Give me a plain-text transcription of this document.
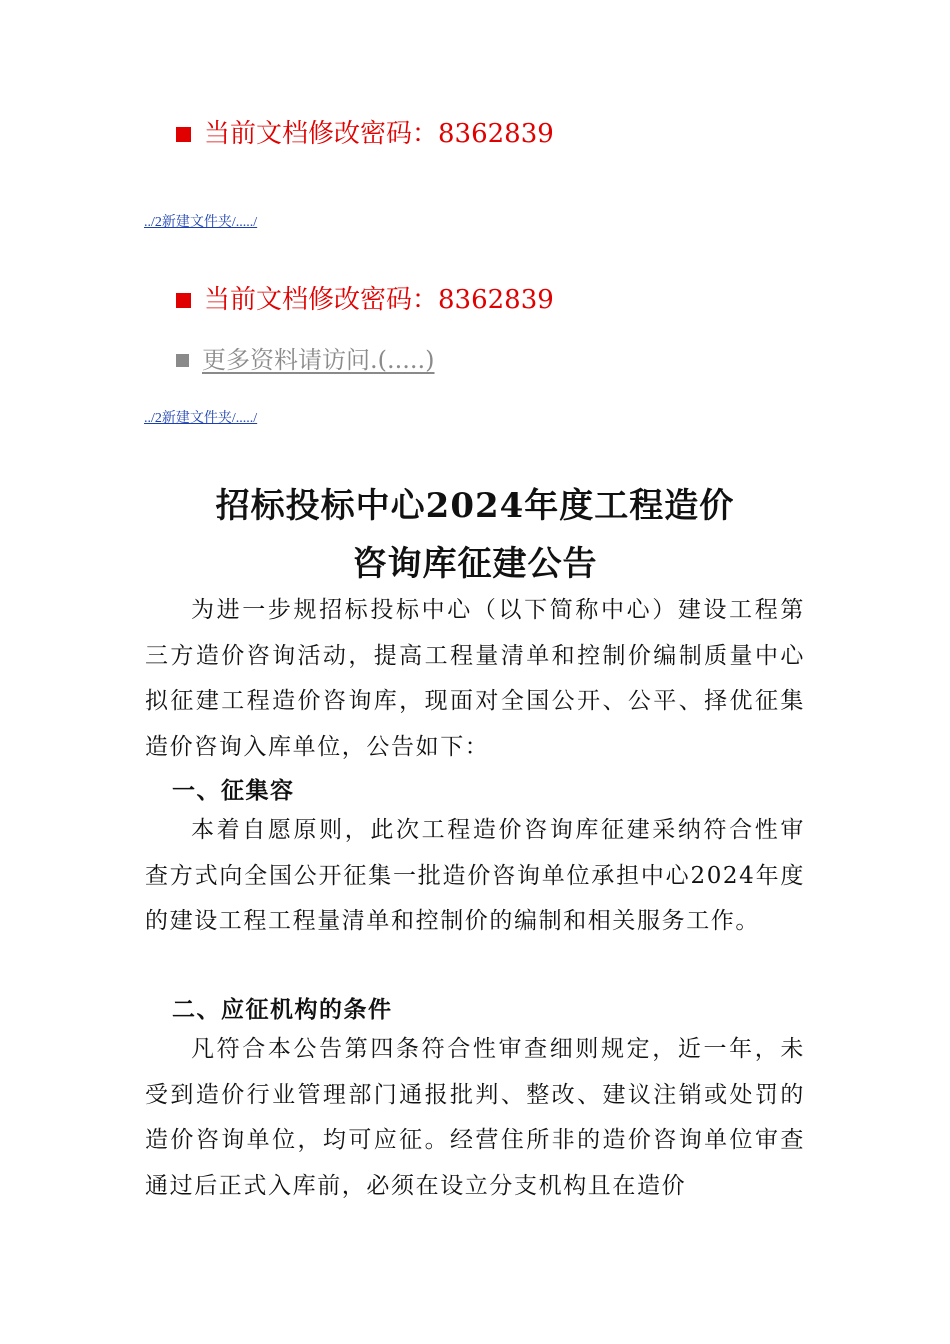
当前文档修改密码：8362839
../2新建文件夹/...../
当前文档修改密码：8362839
更多资料请访问.(.....)
../2新建文件夹/...../
招标投标中心2024年度工程造价
咨询库征建公告

为进一步规招标投标中心（以下简称中心）建设工程第三方造价咨询活动，提高工程量清单和控制价编制质量中心拟征建工程造价咨询库，现面对全国公开、公平、择优征集造价咨询入库单位，公告如下：

一、征集容

本着自愿原则，此次工程造价咨询库征建采纳符合性审查方式向全国公开征集一批造价咨询单位承担中心2024年度的建设工程工程量清单和控制价的编制和相关服务工作。

二、应征机构的条件

凡符合本公告第四条符合性审查细则规定，近一年，未受到造价行业管理部门通报批判、整改、建议注销或处罚的造价咨询单位，均可应征。经营住所非的造价咨询单位审查通过后正式入库前，必须在设立分支机构且在造价
